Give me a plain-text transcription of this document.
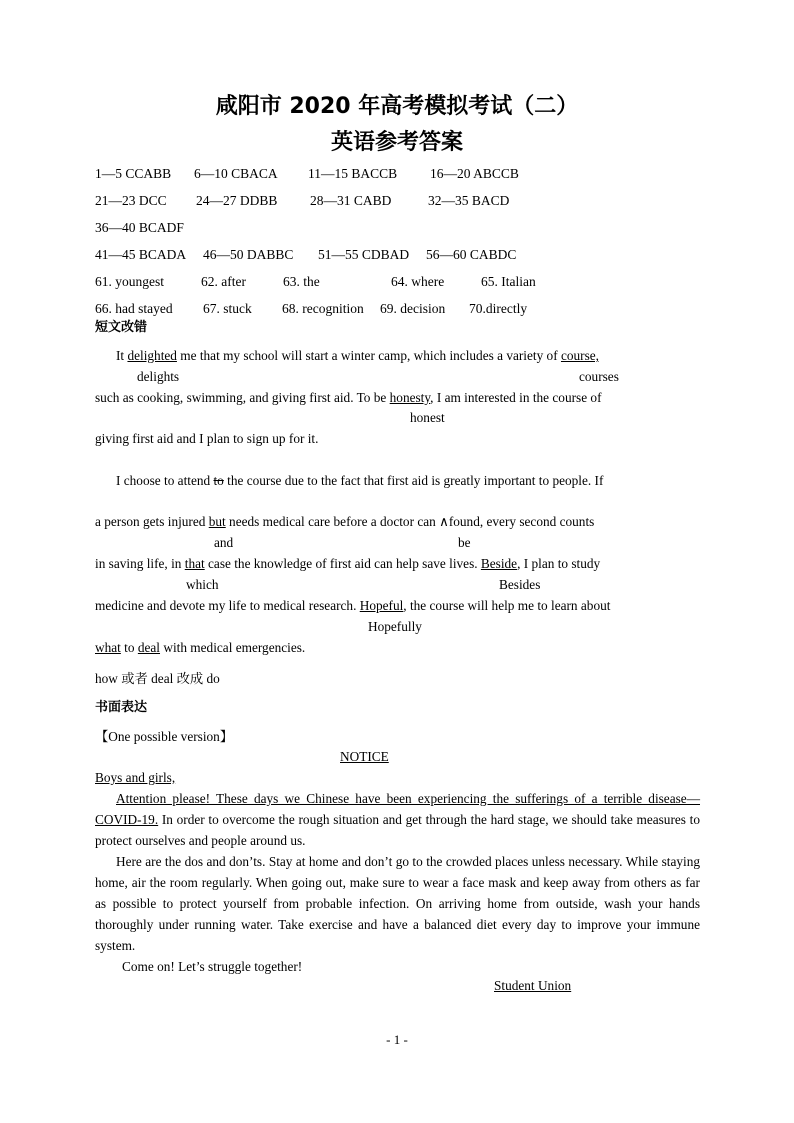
咸阳市 2020 年高考模拟考试（二）
英语参考答案
1—5 CCABB 6—10 CBACA 11—15 BACCB 16—20 ABCCB
21—23 DCC 24—27 DDBB 28—31 CABD	32—35 BACD
36—40 BCADF
41—45 BCADA 46—50 DABBC 51—55 CDBAD 56—60 CABDC
61. youngest	62. after	63. the	64. where	65. Italian
66. had stayed 67. stuck 68. recognition 69. decision 70.directly
短文改错
It delighted me that my school will start a winter camp, which includes a variety of course,
delights	courses
such as cooking, swimming, and giving first aid. To be honesty, I am interested in the course of
honest
giving first aid and I plan to sign up for it.
I choose to attend to the course due to the fact that first aid is greatly important to people. If
a person gets injured but needs medical care before a doctor can ∧found, every second counts
and	be
in saving life, in that case the knowledge of first aid can help save lives. Beside, I plan to study
which	Besides
medicine and devote my life to medical research. Hopeful, the course will help me to learn about
Hopefully
what to deal with medical emergencies.
how 或者 deal 改成 do
书面表达
【One possible version】
NOTICE
Boys and girls,

Attention please! These days we Chinese have been experiencing the sufferings of a terrible disease—COVID-19. In order to overcome the rough situation and get through the hard stage, we should take measures to protect ourselves and people around us.

Here are the dos and don’ts. Stay at home and don’t go to the crowded places unless necessary. While staying home, air the room regularly. When going out, make sure to wear a face mask and keep away from others as far as possible to protect yourself from probable infection. On arriving home from outside, wash your hands thoroughly under running water. Take exercise and have a balanced diet every day to improve your immune system.

Come on! Let’s struggle together!

Student Union
- 1 -
